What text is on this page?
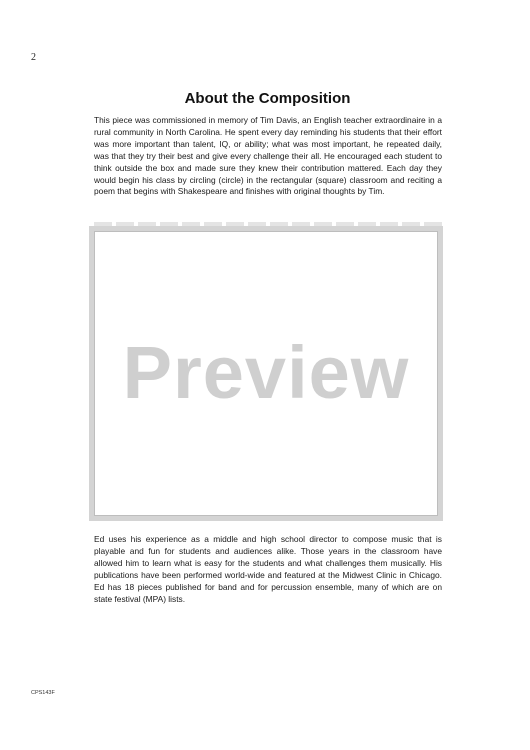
2
About the Composition

This piece was commissioned in memory of Tim Davis, an English teacher extraordinaire in a rural community in North Carolina. He spent every day reminding his students that their effort was more important than talent, IQ, or ability; what was most important, he repeated daily, was that they try their best and give every challenge their all. He encouraged each student to think outside the box and made sure they knew their contribution mattered. Each day they would begin his class by circling (circle) in the rectangular (square) classroom and reciting a poem that begins with Shakespeare and finishes with original thoughts by Tim.

Preview

Ed uses his experience as a middle and high school director to compose music that is playable and fun for students and audiences alike. Those years in the classroom have allowed him to learn what is easy for the students and what challenges them musically. His publications have been performed world-wide and featured at the Midwest Clinic in Chicago. Ed has 18 pieces published for band and for percussion ensemble, many of which are on state festival (MPA) lists.

CPS143F
